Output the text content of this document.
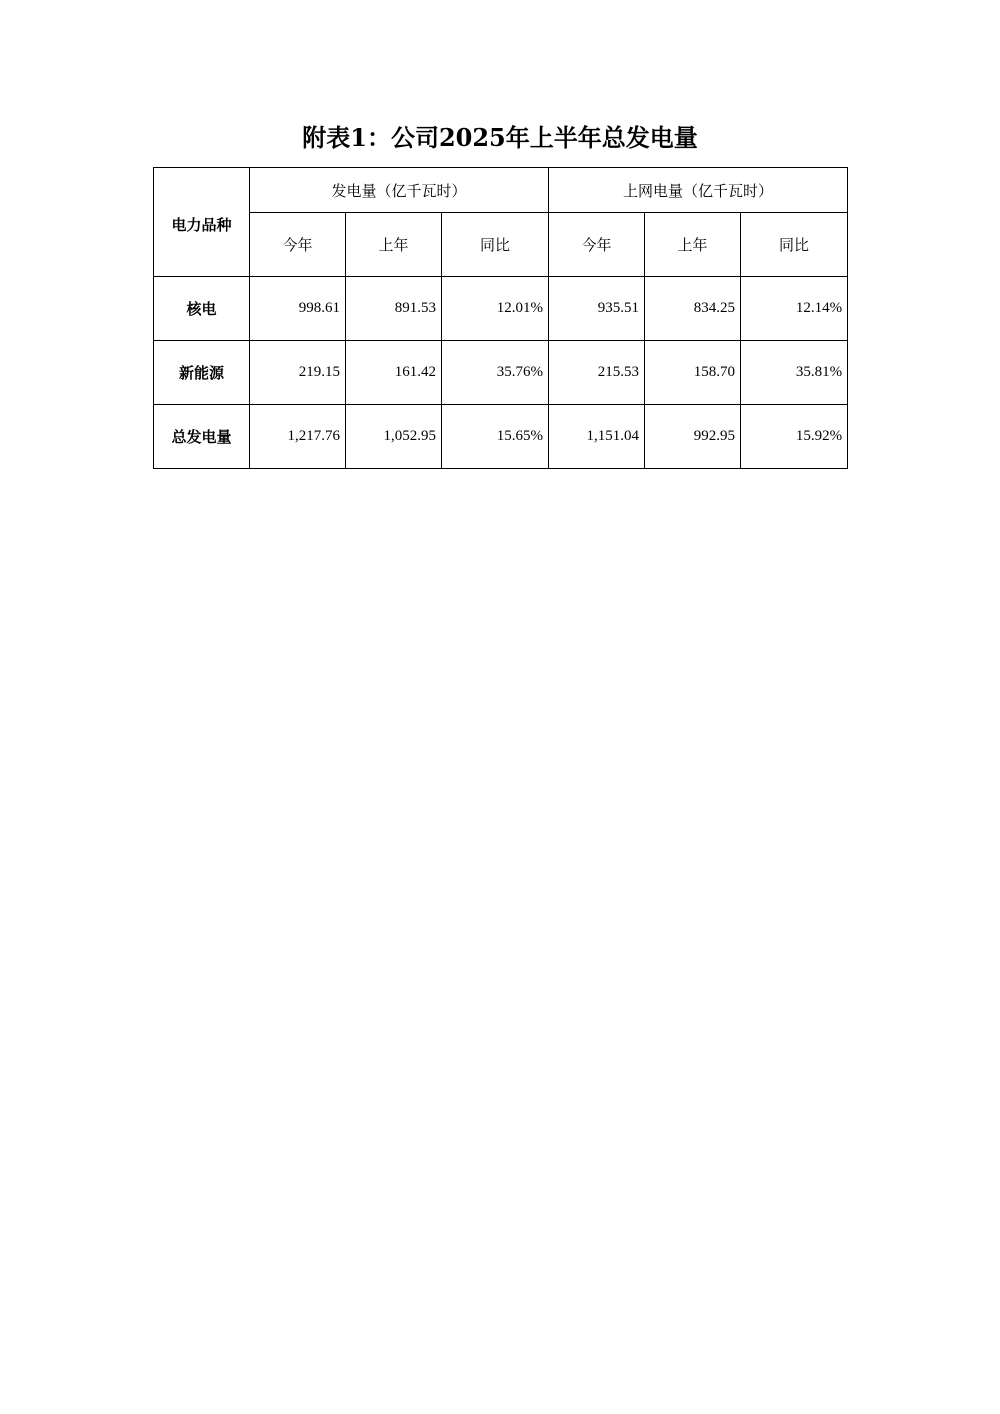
附表1：公司2025年上半年总发电量
电力品种	发电量（亿千瓦时）			上网电量（亿千瓦时）		
	今年	上年	同比	今年	上年	同比
核电	998.61	891.53	12.01%	935.51	834.25	12.14%
新能源	219.15	161.42	35.76%	215.53	158.70	35.81%
总发电量	1,217.76	1,052.95	15.65%	1,151.04	992.95	15.92%
